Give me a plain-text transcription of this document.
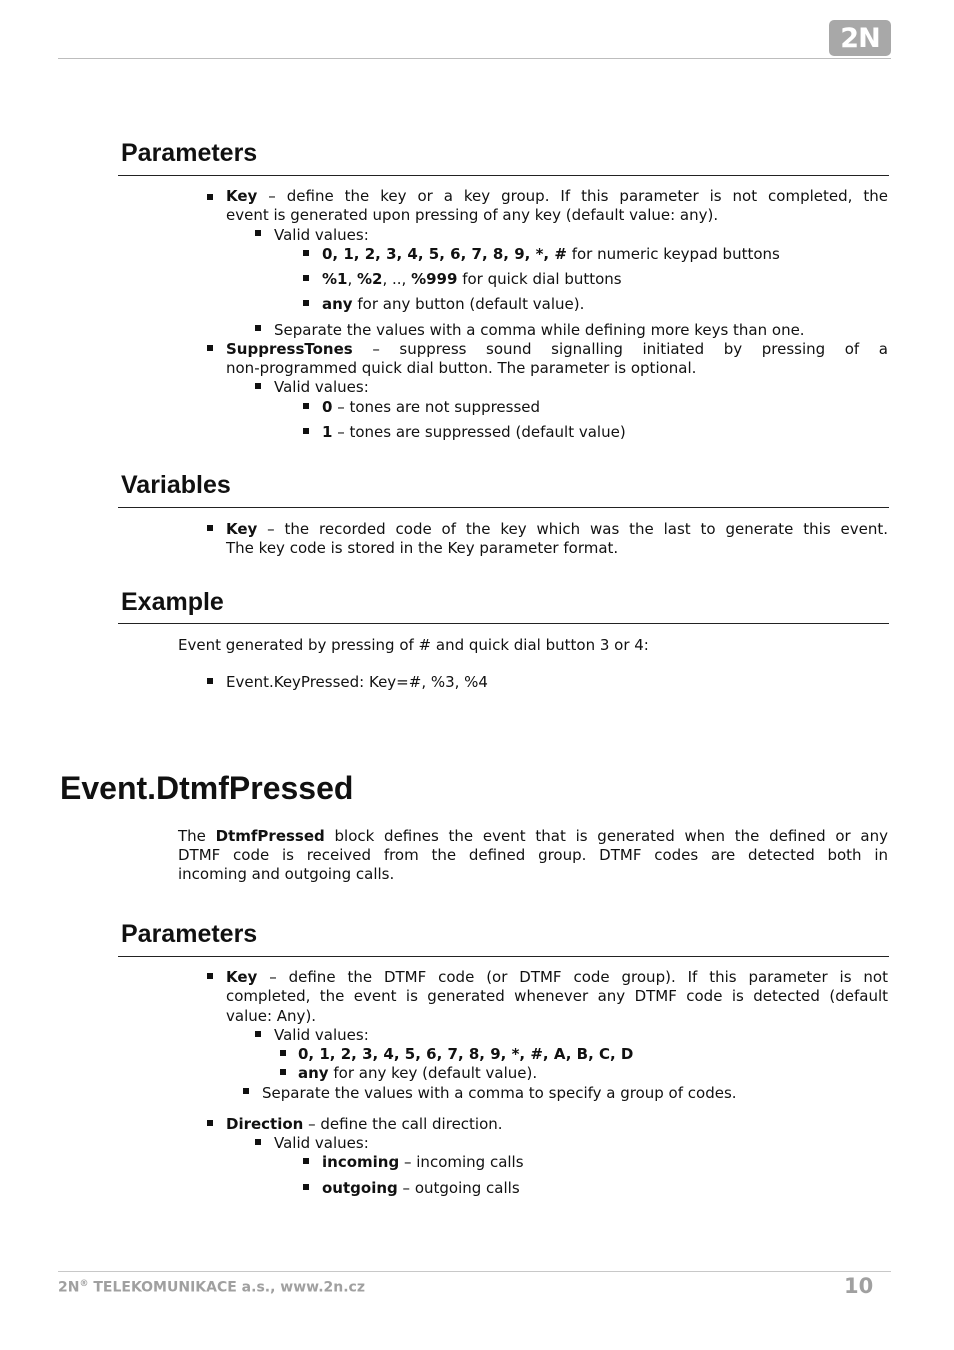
2N
Parameters
Key – define the key or a key group. If this parameter is not completed, the
event is generated upon pressing of any key (default value: any).
Valid values:
0, 1, 2, 3, 4, 5, 6, 7, 8, 9, *, # for numeric keypad buttons
%1, %2, .., %999 for quick dial buttons
any for any button (default value).
Separate the values with a comma while defining more keys than one.
SuppressTones – suppress sound signalling initiated by pressing of a
non-programmed quick dial button. The parameter is optional.
Valid values:
0 – tones are not suppressed
1 – tones are suppressed (default value)
Variables
Key – the recorded code of the key which was the last to generate this event.
The key code is stored in the Key parameter format.
Example
Event generated by pressing of # and quick dial button 3 or 4:
Event.KeyPressed: Key=#, %3, %4
Event.DtmfPressed
The DtmfPressed block defines the event that is generated when the defined or any
DTMF code is received from the defined group. DTMF codes are detected both in
incoming and outgoing calls.
Parameters
Key – define the DTMF code (or DTMF code group). If this parameter is not
completed, the event is generated whenever any DTMF code is detected (default
value: Any).
Valid values:
0, 1, 2, 3, 4, 5, 6, 7, 8, 9, *, #, A, B, C, D
any for any key (default value).
Separate the values with a comma to specify a group of codes.
Direction – define the call direction.
Valid values:
incoming – incoming calls
outgoing – outgoing calls
2N® TELEKOMUNIKACE a.s., www.2n.cz	10
